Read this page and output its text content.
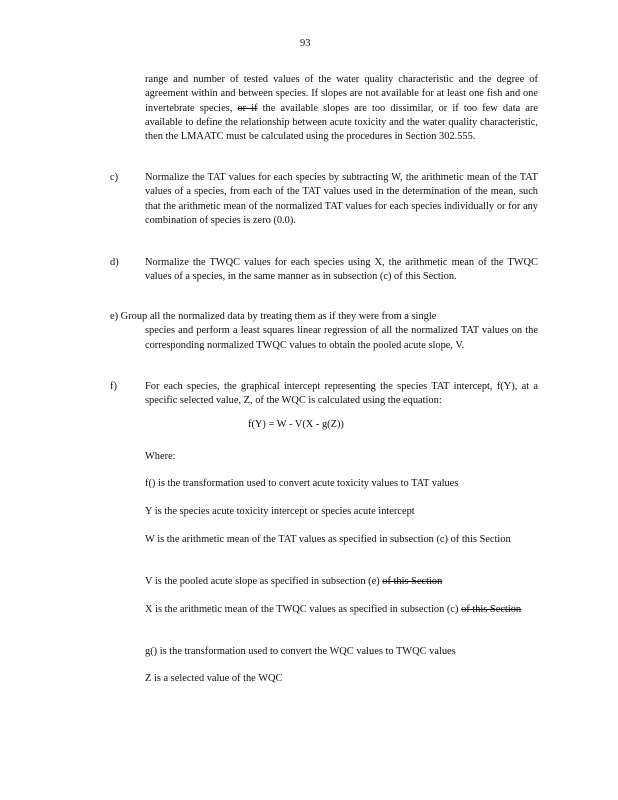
93
range and number of tested values of the water quality characteristic and the degree of agreement within and between species. If slopes are not available for at least one fish and one invertebrate species, or if the available slopes are too dissimilar, or if too few data are available to define the relationship between acute toxicity and the water quality characteristic, then the LMAATC must be calculated using the procedures in Section 302.555.
c)	Normalize the TAT values for each species by subtracting W, the arithmetic mean of the TAT values of a species, from each of the TAT values used in the determination of the mean, such that the arithmetic mean of the normalized TAT values for each species individually or for any combination of species is zero (0.0).
d)	Normalize the TWQC values for each species using X, the arithmetic mean of the TWQC values of a species, in the same manner as in subsection (c) of this Section.
e) Group all the normalized data by treating them as if they were from a single
species and perform a least squares linear regression of all the normalized TAT values on the corresponding normalized TWQC values to obtain the pooled acute slope, V.
f)	For each species, the graphical intercept representing the species TAT intercept, f(Y), at a specific selected value, Z, of the WQC is calculated using the equation:
f(Y) = W - V(X - g(Z))
Where:
f() is the transformation used to convert acute toxicity values to TAT values
Y is the species acute toxicity intercept or species acute intercept
W is the arithmetic mean of the TAT values as specified in subsection (c) of this Section
V is the pooled acute slope as specified in subsection (e) of this Section
X is the arithmetic mean of the TWQC values as specified in subsection (c) of this Section
g() is the transformation used to convert the WQC values to TWQC values
Z is a selected value of the WQC
